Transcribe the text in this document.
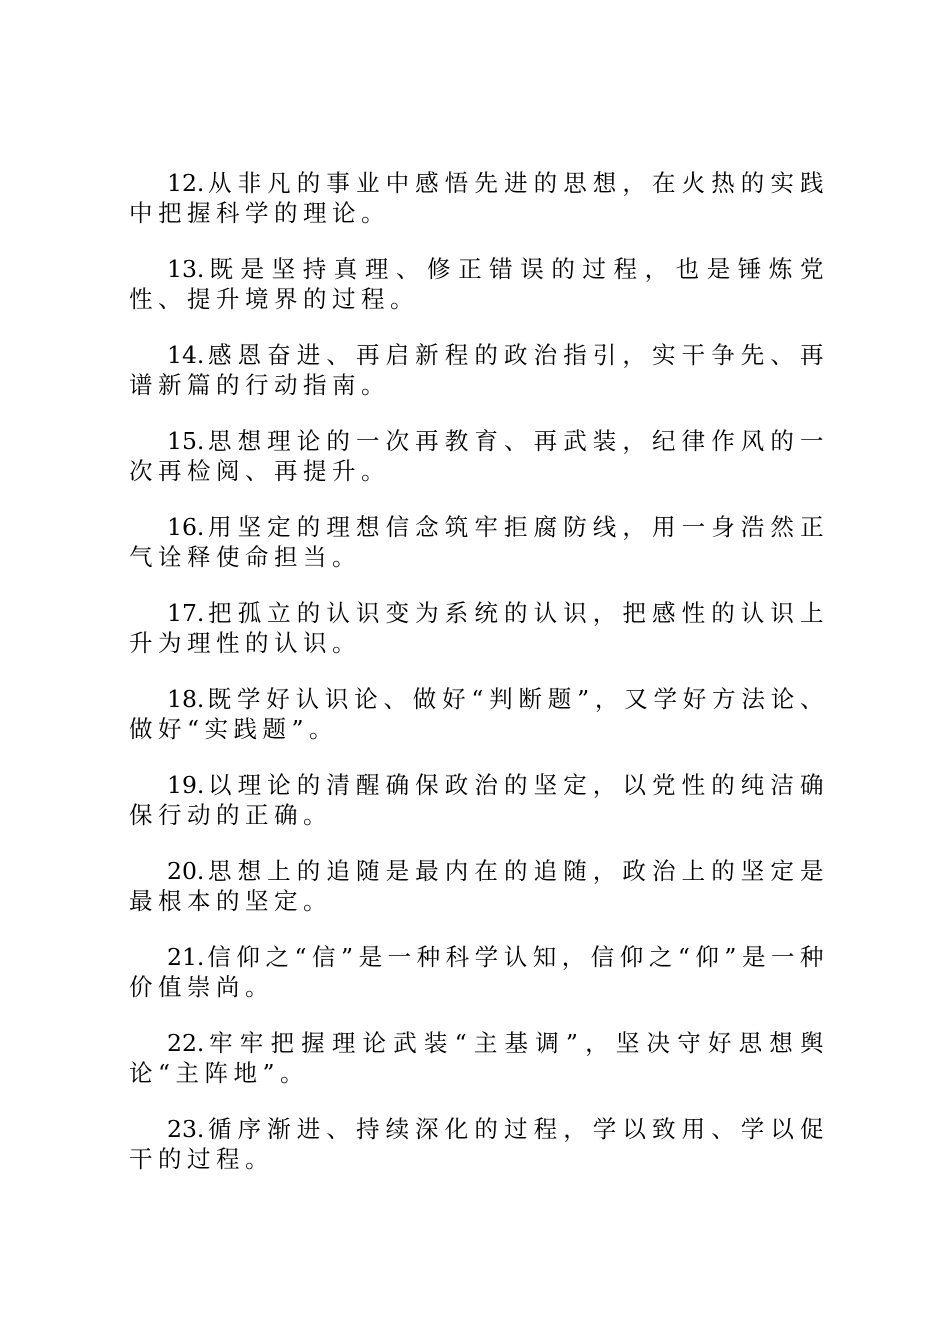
12. 从非凡的事业中感悟先进的思想，在火热的实践中把握科学的理论。

13. 既是坚持真理、修正错误的过程，也是锤炼党性、提升境界的过程。

14. 感恩奋进、再启新程的政治指引，实干争先、再谱新篇的行动指南。

15. 思想理论的一次再教育、再武装，纪律作风的一次再检阅、再提升。

16. 用坚定的理想信念筑牢拒腐防线，用一身浩然正气诠释使命担当。

17. 把孤立的认识变为系统的认识，把感性的认识上升为理性的认识。

18. 既学好认识论、做好“判断题”，又学好方法论、做好“实践题”。

19. 以理论的清醒确保政治的坚定，以党性的纯洁确保行动的正确。

20. 思想上的追随是最内在的追随，政治上的坚定是最根本的坚定。

21. 信仰之“信”是一种科学认知，信仰之“仰”是一种价值崇尚。

22. 牢牢把握理论武装“主基调”，坚决守好思想舆论“主阵地”。

23. 循序渐进、持续深化的过程，学以致用、学以促干的过程。
